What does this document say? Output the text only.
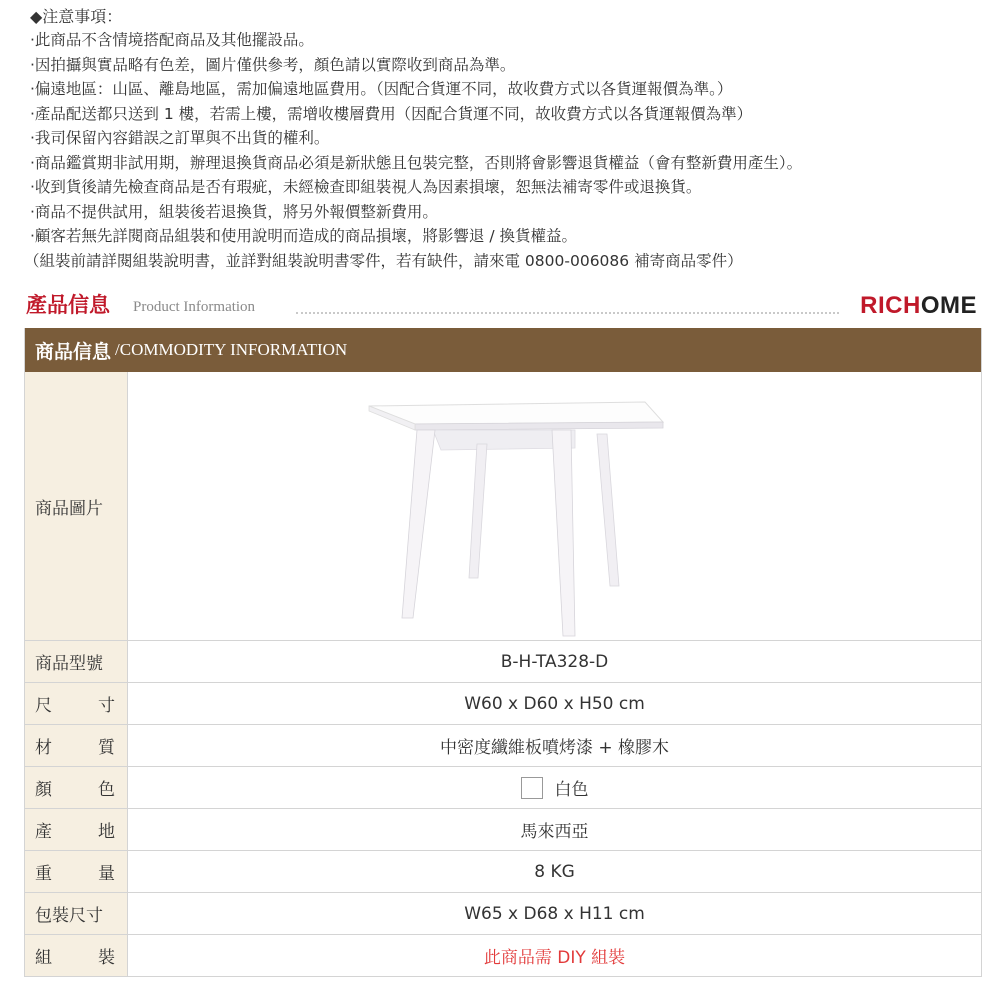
◆注意事項：
‧此商品不含情境搭配商品及其他擺設品。
‧因拍攝與實品略有色差，圖片僅供參考，顏色請以實際收到商品為準。
‧偏遠地區：山區、離島地區，需加偏遠地區費用。（因配合貨運不同，故收費方式以各貨運報價為準。）
‧產品配送都只送到 1 樓，若需上樓，需增收樓層費用（因配合貨運不同，故收費方式以各貨運報價為準）
‧我司保留內容錯誤之訂單與不出貨的權利。
‧商品鑑賞期非試用期，辦理退換貨商品必須是新狀態且包裝完整，否則將會影響退貨權益（會有整新費用產生）。
‧收到貨後請先檢查商品是否有瑕疵，未經檢查即組裝視人為因素損壞，恕無法補寄零件或退換貨。
‧商品不提供試用，組裝後若退換貨，將另外報價整新費用。
‧顧客若無先詳閱商品組裝和使用說明而造成的商品損壞，將影響退 / 換貨權益。
（組裝前請詳閱組裝說明書，並詳對組裝說明書零件，若有缺件，請來電 0800-006086 補寄商品零件）
產品信息 Product Information	RICHOME
商品信息 /COMMODITY INFORMATION
商品圖片
商品型號	B-H-TA328-D
尺	寸	W60 x D60 x H50 cm
材	質	中密度纖維板噴烤漆 + 橡膠木
顏	色	白色
產	地	馬來西亞
重	量	8 KG
包裝尺寸	W65 x D68 x H11 cm
組	裝	此商品需 DIY 組裝
